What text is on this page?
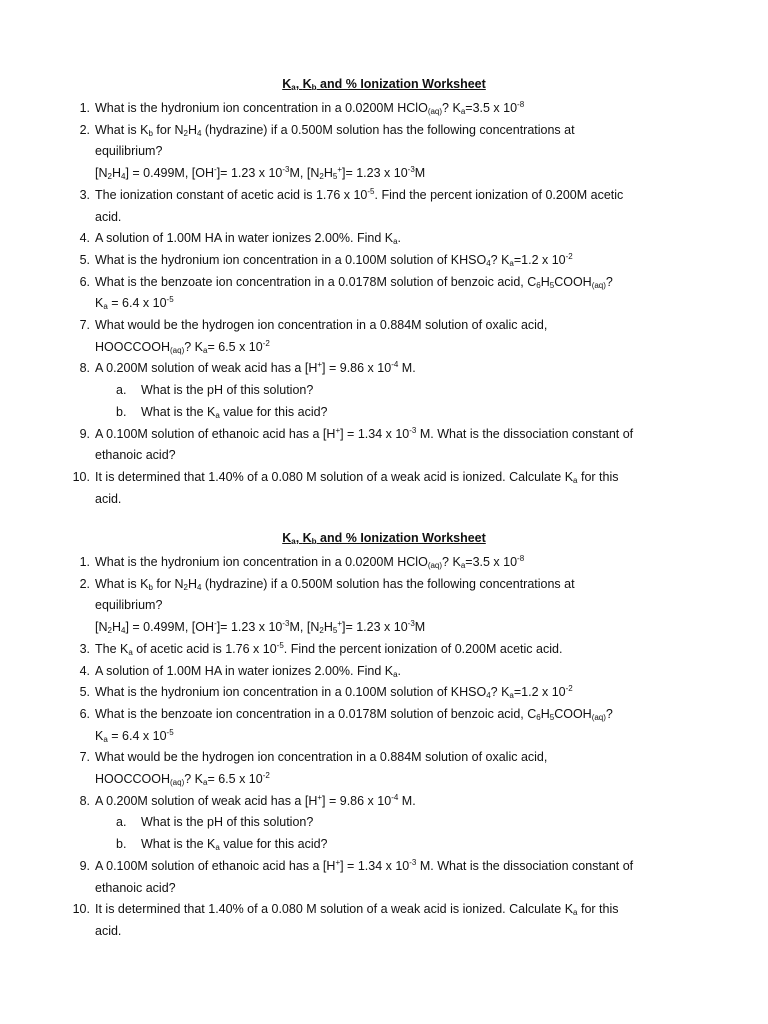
$K_a$, $K_b$ and % Ionization Worksheet
1. What is the hydronium ion concentration in a 0.0200M HClO$_{(aq)}$? $K_a=3.5$ x $10^{-8}$

2. What is $K_b$ for $N_2H_4$ (hydrazine) if a 0.500M solution has the following concentrations at

equilibrium?
$[N_2H_4] = 0.499M$, [OH-]= 1.23 x $10^{-3}M$, $[N_2H_5^+]= 1.23$ x $10^{-3}M$
3. The ionization constant of acetic acid is 1.76 x $10^{-5}$. Find the percent ionization of 0.200M acetic

acid.
4. A solution of 1.00M HA in water ionizes 2.00%. Find $K_a$.

5. What is the hydronium ion concentration in a 0.100M solution of $KHSO_4$? $K_a=1.2$ x $10^{-2}$

6. What is the benzoate ion concentration in a 0.0178M solution of benzoic acid, $C_6H_5COOH_{(aq)}$?

$K_a = 6.4$ x $10^{-5}$
7. What would be the hydrogen ion concentration in a 0.884M solution of oxalic acid,

$HOOCCOOH_{(aq)}$? $K_a= 6.5$ x $10^{-2}$
8. A 0.200M solution of weak acid has a [H+] = 9.86 x $10^{-4}$ M.

a. What is the pH of this solution?

b. What is the $K_a$ value for this acid?

9. A 0.100M solution of ethanoic acid has a [H+] = 1.34 x $10^{-3}$ M. What is the dissociation constant of

ethanoic acid?
10. It is determined that 1.40% of a 0.080 M solution of a weak acid is ionized. Calculate $K_a$ for this

acid.
$K_a$, $K_b$ and % Ionization Worksheet
1. What is the hydronium ion concentration in a 0.0200M HClO$_{(aq)}$? $K_a=3.5$ x $10^{-8}$

2. What is $K_b$ for $N_2H_4$ (hydrazine) if a 0.500M solution has the following concentrations at

equilibrium?
$[N_2H_4] = 0.499M$, [OH-]= 1.23 x $10^{-3}M$, $[N_2H_5^+]= 1.23$ x $10^{-3}M$
3. The $K_a$ of acetic acid is 1.76 x $10^{-5}$. Find the percent ionization of 0.200M acetic acid.

4. A solution of 1.00M HA in water ionizes 2.00%. Find $K_a$.

5. What is the hydronium ion concentration in a 0.100M solution of $KHSO_4$? $K_a=1.2$ x $10^{-2}$

6. What is the benzoate ion concentration in a 0.0178M solution of benzoic acid, $C_6H_5COOH_{(aq)}$?

$K_a = 6.4$ x $10^{-5}$
7. What would be the hydrogen ion concentration in a 0.884M solution of oxalic acid,

$HOOCCOOH_{(aq)}$? $K_a= 6.5$ x $10^{-2}$
8. A 0.200M solution of weak acid has a [H+] = 9.86 x $10^{-4}$ M.

a. What is the pH of this solution?

b. What is the $K_a$ value for this acid?

9. A 0.100M solution of ethanoic acid has a [H+] = 1.34 x $10^{-3}$ M. What is the dissociation constant of

ethanoic acid?
10. It is determined that 1.40% of a 0.080 M solution of a weak acid is ionized. Calculate $K_a$ for this

acid.
